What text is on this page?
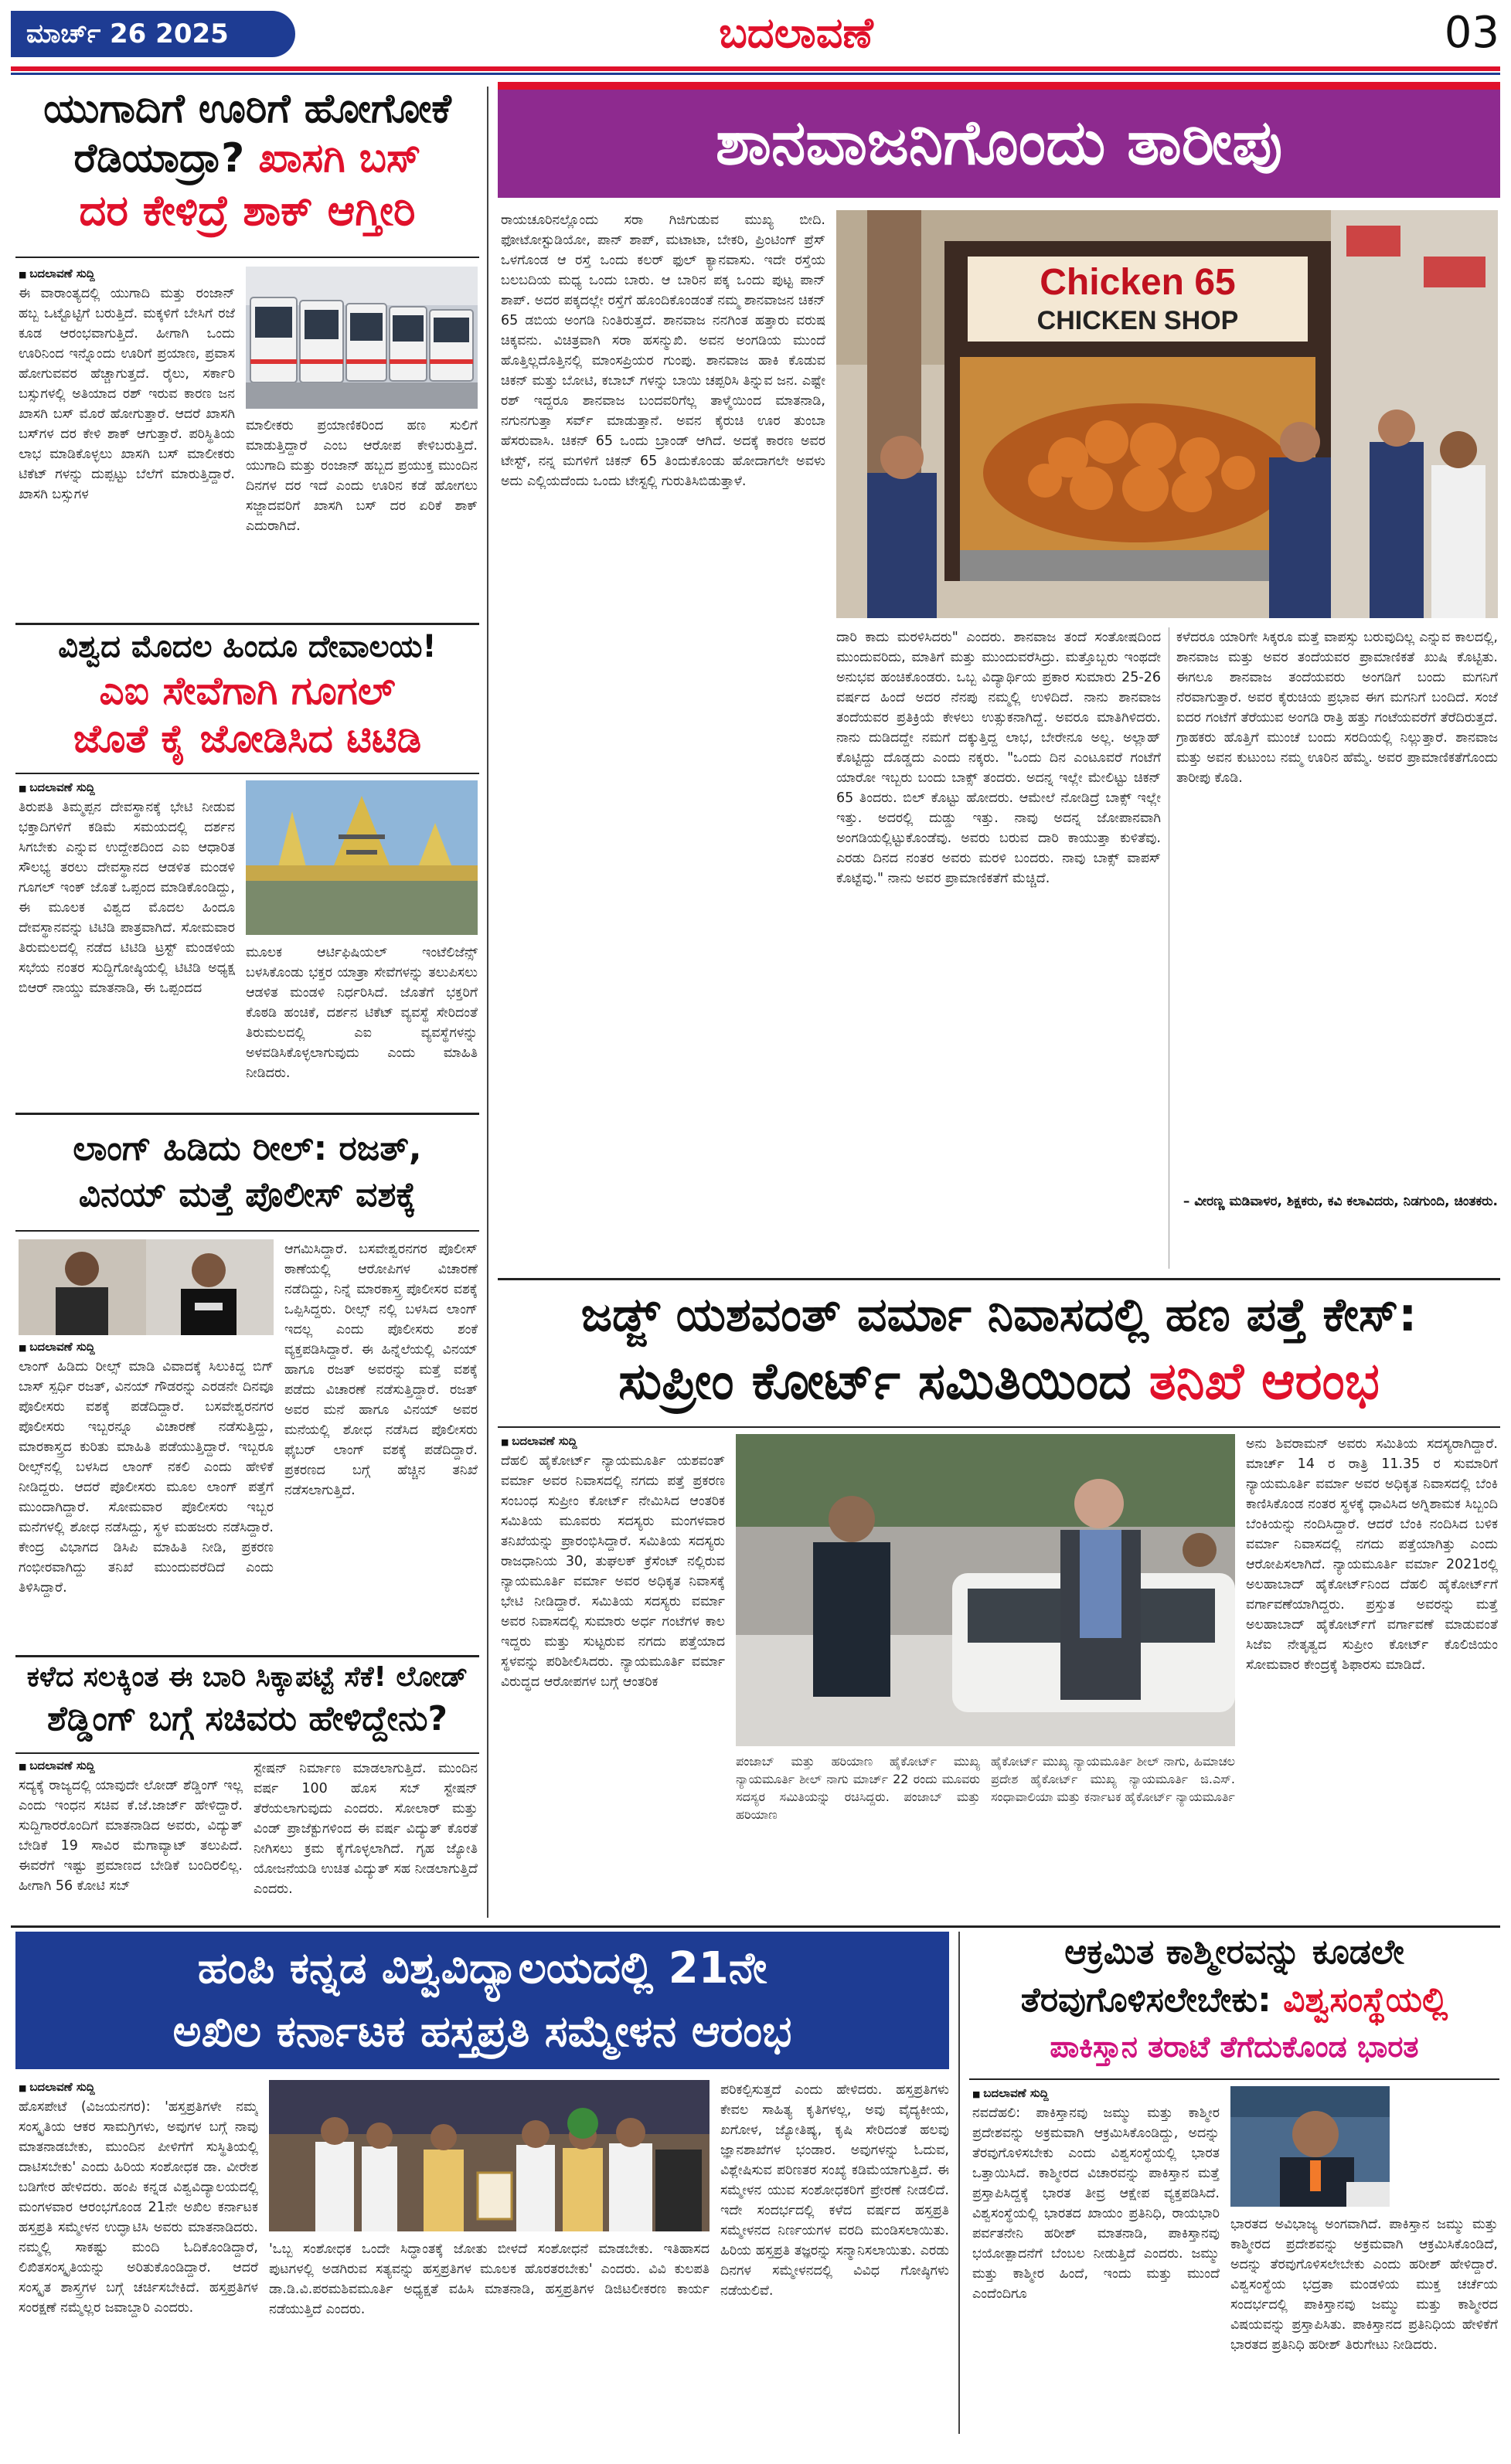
ಮಾರ್ಚ್ 26 2025	ಬದಲಾವಣೆ	03
ಯುಗಾದಿಗೆ ಊರಿಗೆ ಹೋಗೋಕೆ
ರೆಡಿಯಾದ್ರಾ? ಖಾಸಗಿ ಬಸ್
ದರ ಕೇಳಿದ್ರೆ ಶಾಕ್ ಆಗ್ತೀರಿ
■ ಬದಲಾವಣೆ ಸುದ್ದಿ
ಈ ವಾರಾಂತ್ಯದಲ್ಲಿ ಯುಗಾದಿ ಮತ್ತು ರಂಜಾನ್ ಹಬ್ಬ ಒಟ್ಟೊಟ್ಟಿಗೆ ಬರುತ್ತಿದೆ. ಮಕ್ಕಳಿಗೆ ಬೇಸಿಗೆ ರಜೆ ಕೂಡ ಆರಂಭವಾಗುತ್ತಿದೆ. ಹೀಗಾಗಿ ಒಂದು ಊರಿನಿಂದ ಇನ್ನೊಂದು ಊರಿಗೆ ಪ್ರಯಾಣ, ಪ್ರವಾಸ ಹೋಗುವವರ ಹೆಚ್ಚಾಗುತ್ತದೆ. ರೈಲು, ಸರ್ಕಾರಿ ಬಸ್ಸುಗಳಲ್ಲಿ ಅತಿಯಾದ ರಶ್ ಇರುವ ಕಾರಣ ಜನ ಖಾಸಗಿ ಬಸ್ ಮೊರೆ ಹೋಗುತ್ತಾರೆ. ಆದರೆ ಖಾಸಗಿ ಬಸ್‌ಗಳ ದರ ಕೇಳಿ ಶಾಕ್ ಆಗುತ್ತಾರೆ. ಪರಿಸ್ಥಿತಿಯ ಲಾಭ ಮಾಡಿಕೊಳ್ಳಲು ಖಾಸಗಿ ಬಸ್ ಮಾಲೀಕರು ಟಿಕೆಟ್ ಗಳನ್ನು ದುಪ್ಪಟ್ಟು ಬೆಲೆಗೆ ಮಾರುತ್ತಿದ್ದಾರೆ. ಖಾಸಗಿ ಬಸ್ಸುಗಳ
ಮಾಲೀಕರು ಪ್ರಯಾಣಿಕರಿಂದ ಹಣ ಸುಲಿಗೆ ಮಾಡುತ್ತಿದ್ದಾರೆ ಎಂಬ ಆರೋಪ ಕೇಳಿಬರುತ್ತಿದೆ. ಯುಗಾದಿ ಮತ್ತು ರಂಜಾನ್ ಹಬ್ಬದ ಪ್ರಯುಕ್ತ ಮುಂದಿನ ದಿನಗಳ ದರ ಇದೆ ಎಂದು ಊರಿನ ಕಡೆ ಹೋಗಲು ಸಜ್ಜಾದವರಿಗೆ ಖಾಸಗಿ ಬಸ್ ದರ ಏರಿಕೆ ಶಾಕ್ ಎದುರಾಗಿದೆ.
ವಿಶ್ವದ ಮೊದಲ ಹಿಂದೂ ದೇವಾಲಯ!
ಎಐ ಸೇವೆಗಾಗಿ ಗೂಗಲ್
ಜೊತೆ ಕೈ ಜೋಡಿಸಿದ ಟಿಟಿಡಿ
■ ಬದಲಾವಣೆ ಸುದ್ದಿ
ತಿರುಪತಿ ತಿಮ್ಮಪ್ಪನ ದೇವಸ್ಥಾನಕ್ಕೆ ಭೇಟಿ ನೀಡುವ ಭಕ್ತಾದಿಗಳಿಗೆ ಕಡಿಮೆ ಸಮಯದಲ್ಲಿ ದರ್ಶನ ಸಿಗಬೇಕು ಎನ್ನುವ ಉದ್ದೇಶದಿಂದ ಎಐ ಆಧಾರಿತ ಸೌಲಭ್ಯ ತರಲು ದೇವಸ್ಥಾನದ ಆಡಳಿತ ಮಂಡಳಿ ಗೂಗಲ್ ಇಂಕ್ ಜೊತೆ ಒಪ್ಪಂದ ಮಾಡಿಕೊಂಡಿದ್ದು, ಈ ಮೂಲಕ ವಿಶ್ವದ ಮೊದಲ ಹಿಂದೂ ದೇವಸ್ಥಾನವನ್ನು ಟಿಟಿಡಿ ಪಾತ್ರವಾಗಿದೆ. ಸೋಮವಾರ ತಿರುಮಲದಲ್ಲಿ ನಡೆದ ಟಿಟಿಡಿ ಟ್ರಸ್ಟ್ ಮಂಡಳಿಯ ಸಭೆಯ ನಂತರ ಸುದ್ದಿಗೋಷ್ಠಿಯಲ್ಲಿ ಟಿಟಿಡಿ ಅಧ್ಯಕ್ಷ ಬಿಆರ್ ನಾಯ್ಡು ಮಾತನಾಡಿ, ಈ ಒಪ್ಪಂದದ
ಮೂಲಕ ಆರ್ಟಿಫಿಷಿಯಲ್ ಇಂಟೆಲಿಜೆನ್ಸ್ ಬಳಸಿಕೊಂಡು ಭಕ್ತರ ಯಾತ್ರಾ ಸೇವೆಗಳನ್ನು ತಲುಪಿಸಲು ಆಡಳಿತ ಮಂಡಳಿ ನಿರ್ಧರಿಸಿದೆ. ಜೊತೆಗೆ ಭಕ್ತರಿಗೆ ಕೊಠಡಿ ಹಂಚಿಕೆ, ದರ್ಶನ ಟಿಕೆಟ್ ವ್ಯವಸ್ಥೆ ಸೇರಿದಂತೆ ತಿರುಮಲದಲ್ಲಿ ಎಐ ವ್ಯವಸ್ಥೆಗಳನ್ನು ಅಳವಡಿಸಿಕೊಳ್ಳಲಾಗುವುದು ಎಂದು ಮಾಹಿತಿ ನೀಡಿದರು.
ಲಾಂಗ್ ಹಿಡಿದು ರೀಲ್: ರಜತ್,
ವಿನಯ್ ಮತ್ತೆ ಪೊಲೀಸ್ ವಶಕ್ಕೆ
■ ಬದಲಾವಣೆ ಸುದ್ದಿ
ಲಾಂಗ್ ಹಿಡಿದು ರೀಲ್ಸ್ ಮಾಡಿ ವಿವಾದಕ್ಕೆ ಸಿಲುಕಿದ್ದ ಬಿಗ್ ಬಾಸ್ ಸ್ಪರ್ಧಿ ರಜತ್, ವಿನಯ್ ಗೌಡರನ್ನು ಎರಡನೇ ದಿನವೂ ಪೊಲೀಸರು ವಶಕ್ಕೆ ಪಡೆದಿದ್ದಾರೆ. ಬಸವೇಶ್ವರನಗರ ಪೊಲೀಸರು ಇಬ್ಬರನ್ನೂ ವಿಚಾರಣೆ ನಡೆಸುತ್ತಿದ್ದು, ಮಾರಕಾಸ್ತ್ರದ ಕುರಿತು ಮಾಹಿತಿ ಪಡೆಯುತ್ತಿದ್ದಾರೆ. ಇಬ್ಬರೂ ರೀಲ್ಸ್‌ನಲ್ಲಿ ಬಳಸಿದ ಲಾಂಗ್ ನಕಲಿ ಎಂದು ಹೇಳಿಕೆ ನೀಡಿದ್ದರು. ಆದರೆ ಪೊಲೀಸರು ಮೂಲ ಲಾಂಗ್ ಪತ್ತೆಗೆ ಮುಂದಾಗಿದ್ದಾರೆ. ಸೋಮವಾರ ಪೊಲೀಸರು ಇಬ್ಬರ ಮನೆಗಳಲ್ಲಿ ಶೋಧ ನಡೆಸಿದ್ದು, ಸ್ಥಳ ಮಹಜರು ನಡೆಸಿದ್ದಾರೆ. ಕೇಂದ್ರ ವಿಭಾಗದ ಡಿಸಿಪಿ ಮಾಹಿತಿ ನೀಡಿ, ಪ್ರಕರಣ ಗಂಭೀರವಾಗಿದ್ದು ತನಿಖೆ ಮುಂದುವರೆದಿದೆ ಎಂದು ತಿಳಿಸಿದ್ದಾರೆ.
ಆಗಮಿಸಿದ್ದಾರೆ. ಬಸವೇಶ್ವರನಗರ ಪೊಲೀಸ್ ಠಾಣೆಯಲ್ಲಿ ಆರೋಪಿಗಳ ವಿಚಾರಣೆ ನಡೆದಿದ್ದು, ನಿನ್ನೆ ಮಾರಕಾಸ್ತ್ರ ಪೊಲೀಸರ ವಶಕ್ಕೆ ಒಪ್ಪಿಸಿದ್ದರು. ರೀಲ್ಸ್ ನಲ್ಲಿ ಬಳಸಿದ ಲಾಂಗ್ ಇದಲ್ಲ ಎಂದು ಪೊಲೀಸರು ಶಂಕೆ ವ್ಯಕ್ತಪಡಿಸಿದ್ದಾರೆ. ಈ ಹಿನ್ನೆಲೆಯಲ್ಲಿ ವಿನಯ್ ಹಾಗೂ ರಜತ್ ಅವರನ್ನು ಮತ್ತೆ ವಶಕ್ಕೆ ಪಡೆದು ವಿಚಾರಣೆ ನಡೆಸುತ್ತಿದ್ದಾರೆ. ರಜತ್ ಅವರ ಮನೆ ಹಾಗೂ ವಿನಯ್ ಅವರ ಮನೆಯಲ್ಲಿ ಶೋಧ ನಡೆಸಿದ ಪೊಲೀಸರು ಫೈಬರ್ ಲಾಂಗ್ ವಶಕ್ಕೆ ಪಡೆದಿದ್ದಾರೆ. ಪ್ರಕರಣದ ಬಗ್ಗೆ ಹೆಚ್ಚಿನ ತನಿಖೆ ನಡೆಸಲಾಗುತ್ತಿದೆ.
ಕಳೆದ ಸಲಕ್ಕಿಂತ ಈ ಬಾರಿ ಸಿಕ್ಕಾಪಟ್ಟೆ ಸೆಕೆ! ಲೋಡ್
ಶೆಡ್ಡಿಂಗ್ ಬಗ್ಗೆ ಸಚಿವರು ಹೇಳಿದ್ದೇನು?
■ ಬದಲಾವಣೆ ಸುದ್ದಿ
ಸದ್ಯಕ್ಕೆ ರಾಜ್ಯದಲ್ಲಿ ಯಾವುದೇ ಲೋಡ್ ಶೆಡ್ಡಿಂಗ್ ಇಲ್ಲ ಎಂದು ಇಂಧನ ಸಚಿವ ಕೆ.ಜೆ.ಜಾರ್ಜ್ ಹೇಳಿದ್ದಾರೆ. ಸುದ್ದಿಗಾರರೊಂದಿಗೆ ಮಾತನಾಡಿದ ಅವರು, ವಿದ್ಯುತ್ ಬೇಡಿಕೆ 19 ಸಾವಿರ ಮೆಗಾವ್ಯಾಟ್ ತಲುಪಿದೆ. ಈವರೆಗೆ ಇಷ್ಟು ಪ್ರಮಾಣದ ಬೇಡಿಕೆ ಬಂದಿರಲಿಲ್ಲ. ಹೀಗಾಗಿ 56 ಕೋಟಿ ಸಬ್
ಸ್ಟೇಷನ್ ನಿರ್ಮಾಣ ಮಾಡಲಾಗುತ್ತಿದೆ. ಮುಂದಿನ ವರ್ಷ 100 ಹೊಸ ಸಬ್ ಸ್ಟೇಷನ್ ತೆರೆಯಲಾಗುವುದು ಎಂದರು. ಸೋಲಾರ್ ಮತ್ತು ವಿಂಡ್ ಪ್ರಾಜೆಕ್ಟುಗಳಿಂದ ಈ ವರ್ಷ ವಿದ್ಯುತ್ ಕೊರತೆ ನೀಗಿಸಲು ಕ್ರಮ ಕೈಗೊಳ್ಳಲಾಗಿದೆ. ಗೃಹ ಜ್ಯೋತಿ ಯೋಜನೆಯಡಿ ಉಚಿತ ವಿದ್ಯುತ್ ಸಹ ನೀಡಲಾಗುತ್ತಿದೆ ಎಂದರು.
ಶಾನವಾಜನಿಗೊಂದು ತಾರೀಪು
ರಾಯಚೂರಿನಲ್ಲೊಂದು ಸರಾ ಗಿಜಿಗುಡುವ ಮುಖ್ಯ ಬೀದಿ. ಫೋಟೋಸ್ಟುಡಿಯೋ, ಪಾನ್ ಶಾಪ್, ಮಟಾಟಾ, ಬೇಕರಿ, ಪ್ರಿಂಟಿಂಗ್ ಪ್ರೆಸ್ ಒಳಗೊಂಡ ಆ ರಸ್ತೆ ಒಂದು ಕಲರ್ ಫುಲ್ ಕ್ಯಾನವಾಸು. ಇದೇ ರಸ್ತೆಯ ಬಲಬದಿಯ ಮಧ್ಯ ಒಂದು ಬಾರು. ಆ ಬಾರಿನ ಪಕ್ಕ ಒಂದು ಪುಟ್ಟ ಪಾನ್ ಶಾಪ್. ಅದರ ಪಕ್ಕದಲ್ಲೇ ರಸ್ತೆಗೆ ಹೊಂದಿಕೊಂಡಂತೆ ನಮ್ಮ ಶಾನವಾಜನ ಚಿಕನ್ 65 ಡಬಿಯ ಅಂಗಡಿ ನಿಂತಿರುತ್ತದೆ. ಶಾನವಾಜ ನನಗಿಂತ ಹತ್ತಾರು ವರುಷ ಚಿಕ್ಕವನು. ವಿಚಿತ್ರವಾಗಿ ಸರಾ ಹಸನ್ಮುಖಿ. ಅವನ ಅಂಗಡಿಯ ಮುಂದೆ ಹೊತ್ತಿಲ್ಲದೊತ್ತಿನಲ್ಲಿ ಮಾಂಸಪ್ರಿಯರ ಗುಂಪು. ಶಾನವಾಜ ಹಾಕಿ ಕೊಡುವ ಚಿಕನ್ ಮತ್ತು ಬೋಟಿ, ಕಬಾಬ್ ಗಳನ್ನು ಬಾಯಿ ಚಪ್ಪರಿಸಿ ತಿನ್ನುವ ಜನ. ಎಷ್ಟೇ ರಶ್ ಇದ್ದರೂ ಶಾನವಾಜ ಬಂದವರಿಗೆಲ್ಲ ತಾಳ್ಮೆಯಿಂದ ಮಾತನಾಡಿ, ನಗುನಗುತ್ತಾ ಸರ್ವ್ ಮಾಡುತ್ತಾನೆ. ಅವನ ಕೈರುಚಿ ಊರ ತುಂಬಾ ಹೆಸರುವಾಸಿ. ಚಿಕನ್ 65 ಒಂದು ಬ್ರಾಂಡ್ ಆಗಿದೆ. ಅದಕ್ಕೆ ಕಾರಣ ಅವರ ಟೇಸ್ಟ್, ನನ್ನ ಮಗಳಿಗೆ ಚಿಕನ್ 65 ತಿಂದುಕೊಂಡು ಹೋದಾಗಲೇ ಅವಳು ಅದು ಎಲ್ಲಿಯದೆಂದು ಒಂದು ಟೇಸ್ಟಲ್ಲಿ ಗುರುತಿಸಿಬಿಡುತ್ತಾಳೆ.
Chicken 65
CHICKEN SHOP
ದಾರಿ ಕಾದು ಮರಳಿಸಿದರು" ಎಂದರು. ಶಾನವಾಜ ತಂದೆ ಸಂತೋಷದಿಂದ ಮುಂದುವರಿದು, ಮಾತಿಗೆ ಮತ್ತು ಮುಂದುವರೆಸಿದ್ರು. ಮತ್ತೊಬ್ಬರು ಇಂಥದೇ ಅನುಭವ ಹಂಚಿಕೊಂಡರು. ಒಬ್ಬ ವಿದ್ಯಾರ್ಥಿಯ ಪ್ರಕಾರ ಸುಮಾರು 25-26 ವರ್ಷದ ಹಿಂದೆ ಅದರ ನೆನಪು ನಮ್ಮಲ್ಲಿ ಉಳಿದಿದೆ. ನಾನು ಶಾನವಾಜ ತಂದೆಯವರ ಪ್ರತಿಕ್ರಿಯೆ ಕೇಳಲು ಉತ್ಸುಕನಾಗಿದ್ದೆ. ಅವರೂ ಮಾತಿಗಿಳಿದರು. ನಾನು ದುಡಿದದ್ದೇ ನಮಗೆ ದಕ್ಕುತ್ತಿದ್ದ ಲಾಭ, ಬೇರೇನೂ ಅಲ್ಲ. ಅಲ್ಲಾಹ್ ಕೊಟ್ಟಿದ್ದು ದೊಡ್ಡದು ಎಂದು ನಕ್ಕರು. "ಒಂದು ದಿನ ಎಂಟೂವರೆ ಗಂಟೆಗೆ ಯಾರೋ ಇಬ್ಬರು ಬಂದು ಬಾಕ್ಸ್ ತಂದರು. ಅದನ್ನ ಇಲ್ಲೇ ಮೇಲಿಟ್ಟು ಚಿಕನ್ 65 ತಿಂದರು. ಬಿಲ್ ಕೊಟ್ಟು ಹೋದರು. ಆಮೇಲೆ ನೋಡಿದ್ರೆ ಬಾಕ್ಸ್ ಇಲ್ಲೇ ಇತ್ತು. ಅದರಲ್ಲಿ ದುಡ್ಡು ಇತ್ತು. ನಾವು ಅದನ್ನ ಜೋಪಾನವಾಗಿ ಅಂಗಡಿಯಲ್ಲಿಟ್ಟುಕೊಂಡೆವು. ಅವರು ಬರುವ ದಾರಿ ಕಾಯುತ್ತಾ ಕುಳಿತೆವು. ಎರಡು ದಿನದ ನಂತರ ಅವರು ಮರಳಿ ಬಂದರು. ನಾವು ಬಾಕ್ಸ್ ವಾಪಸ್ ಕೊಟ್ಟೆವು." ನಾನು ಅವರ ಪ್ರಾಮಾಣಿಕತೆಗೆ ಮೆಚ್ಚಿದೆ.
ಕಳೆದರೂ ಯಾರಿಗೇ ಸಿಕ್ಕರೂ ಮತ್ತೆ ವಾಪಸ್ಸು ಬರುವುದಿಲ್ಲ ಎನ್ನುವ ಕಾಲದಲ್ಲಿ, ಶಾನವಾಜ ಮತ್ತು ಅವರ ತಂದೆಯವರ ಪ್ರಾಮಾಣಿಕತೆ ಖುಷಿ ಕೊಟ್ಟಿತು. ಈಗಲೂ ಶಾನವಾಜ ತಂದೆಯವರು ಅಂಗಡಿಗೆ ಬಂದು ಮಗನಿಗೆ ನೆರವಾಗುತ್ತಾರೆ. ಅವರ ಕೈರುಚಿಯ ಪ್ರಭಾವ ಈಗ ಮಗನಿಗೆ ಬಂದಿದೆ. ಸಂಜೆ ಐದರ ಗಂಟೆಗೆ ತೆರೆಯುವ ಅಂಗಡಿ ರಾತ್ರಿ ಹತ್ತು ಗಂಟೆಯವರೆಗೆ ತೆರೆದಿರುತ್ತದೆ. ಗ್ರಾಹಕರು ಹೊತ್ತಿಗೆ ಮುಂಚೆ ಬಂದು ಸರದಿಯಲ್ಲಿ ನಿಲ್ಲುತ್ತಾರೆ. ಶಾನವಾಜ ಮತ್ತು ಅವನ ಕುಟುಂಬ ನಮ್ಮ ಊರಿನ ಹೆಮ್ಮೆ. ಅವರ ಪ್ರಾಮಾಣಿಕತೆಗೊಂದು ತಾರೀಪು ಕೊಡಿ.
– ವೀರಣ್ಣ ಮಡಿವಾಳರ, ಶಿಕ್ಷಕರು, ಕವಿ ಕಲಾವಿದರು, ನಿಡಗುಂದಿ, ಚಿಂತಕರು.
ಜಡ್ಜ್ ಯಶವಂತ್ ವರ್ಮಾ ನಿವಾಸದಲ್ಲಿ ಹಣ ಪತ್ತೆ ಕೇಸ್:
ಸುಪ್ರೀಂ ಕೋರ್ಟ್ ಸಮಿತಿಯಿಂದ ತನಿಖೆ ಆರಂಭ
■ ಬದಲಾವಣೆ ಸುದ್ದಿ
ದೆಹಲಿ ಹೈಕೋರ್ಟ್ ನ್ಯಾಯಮೂರ್ತಿ ಯಶವಂತ್ ವರ್ಮಾ ಅವರ ನಿವಾಸದಲ್ಲಿ ನಗದು ಪತ್ತೆ ಪ್ರಕರಣ ಸಂಬಂಧ ಸುಪ್ರೀಂ ಕೋರ್ಟ್ ನೇಮಿಸಿದ ಆಂತರಿಕ ಸಮಿತಿಯ ಮೂವರು ಸದಸ್ಯರು ಮಂಗಳವಾರ ತನಿಖೆಯನ್ನು ಪ್ರಾರಂಭಿಸಿದ್ದಾರೆ. ಸಮಿತಿಯ ಸದಸ್ಯರು ರಾಜಧಾನಿಯ 30, ತುಘಲಕ್ ಕ್ರೆಸೆಂಟ್ ನಲ್ಲಿರುವ ನ್ಯಾಯಮೂರ್ತಿ ವರ್ಮಾ ಅವರ ಅಧಿಕೃತ ನಿವಾಸಕ್ಕೆ ಭೇಟಿ ನೀಡಿದ್ದಾರೆ. ಸಮಿತಿಯ ಸದಸ್ಯರು ವರ್ಮಾ ಅವರ ನಿವಾಸದಲ್ಲಿ ಸುಮಾರು ಅರ್ಧ ಗಂಟೆಗಳ ಕಾಲ ಇದ್ದರು ಮತ್ತು ಸುಟ್ಟರುವ ನಗದು ಪತ್ತೆಯಾದ ಸ್ಥಳವನ್ನು ಪರಿಶೀಲಿಸಿದರು. ನ್ಯಾಯಮೂರ್ತಿ ವರ್ಮಾ ವಿರುದ್ಧದ ಆರೋಪಗಳ ಬಗ್ಗೆ ಆಂತರಿಕ
ಪಂಜಾಬ್ ಮತ್ತು ಹರಿಯಾಣ ಹೈಕೋರ್ಟ್ ಮುಖ್ಯ ನ್ಯಾಯಮೂರ್ತಿ ಶೀಲ್ ನಾಗು ಮಾರ್ಚ್ 22 ರಂದು ಮೂವರು ಸದಸ್ಯರ ಸಮಿತಿಯನ್ನು ರಚಿಸಿದ್ದರು. ಪಂಜಾಬ್ ಮತ್ತು ಹರಿಯಾಣ
ಹೈಕೋರ್ಟ್ ಮುಖ್ಯ ನ್ಯಾಯಮೂರ್ತಿ ಶೀಲ್ ನಾಗು, ಹಿಮಾಚಲ ಪ್ರದೇಶ ಹೈಕೋರ್ಟ್ ಮುಖ್ಯ ನ್ಯಾಯಮೂರ್ತಿ ಜಿ.ಎಸ್. ಸಂಧಾವಾಲಿಯಾ ಮತ್ತು ಕರ್ನಾಟಕ ಹೈಕೋರ್ಟ್ ನ್ಯಾಯಮೂರ್ತಿ
ಅನು ಶಿವರಾಮನ್ ಅವರು ಸಮಿತಿಯ ಸದಸ್ಯರಾಗಿದ್ದಾರೆ. ಮಾರ್ಚ್ 14 ರ ರಾತ್ರಿ 11.35 ರ ಸುಮಾರಿಗೆ ನ್ಯಾಯಮೂರ್ತಿ ವರ್ಮಾ ಅವರ ಅಧಿಕೃತ ನಿವಾಸದಲ್ಲಿ ಬೆಂಕಿ ಕಾಣಿಸಿಕೊಂಡ ನಂತರ ಸ್ಥಳಕ್ಕೆ ಧಾವಿಸಿದ ಅಗ್ನಿಶಾಮಕ ಸಿಬ್ಬಂದಿ ಬೆಂಕಿಯನ್ನು ನಂದಿಸಿದ್ದಾರೆ. ಆದರೆ ಬೆಂಕಿ ನಂದಿಸಿದ ಬಳಿಕ ವರ್ಮಾ ನಿವಾಸದಲ್ಲಿ ನಗದು ಪತ್ತೆಯಾಗಿತ್ತು ಎಂದು ಆರೋಪಿಸಲಾಗಿದೆ. ನ್ಯಾಯಮೂರ್ತಿ ವರ್ಮಾ 2021ರಲ್ಲಿ ಅಲಹಾಬಾದ್ ಹೈಕೋರ್ಟ್‌ನಿಂದ ದೆಹಲಿ ಹೈಕೋರ್ಟ್‌ಗೆ ವರ್ಗಾವಣೆಯಾಗಿದ್ದರು. ಪ್ರಸ್ತುತ ಅವರನ್ನು ಮತ್ತೆ ಅಲಹಾಬಾದ್ ಹೈಕೋರ್ಟ್‌ಗೆ ವರ್ಗಾವಣೆ ಮಾಡುವಂತೆ ಸಿಜೆಐ ನೇತೃತ್ವದ ಸುಪ್ರೀಂ ಕೋರ್ಟ್ ಕೊಲಿಜಿಯಂ ಸೋಮವಾರ ಕೇಂದ್ರಕ್ಕೆ ಶಿಫಾರಸು ಮಾಡಿದೆ.
ಹಂಪಿ ಕನ್ನಡ ವಿಶ್ವವಿದ್ಯಾಲಯದಲ್ಲಿ 21ನೇ
ಅಖಿಲ ಕರ್ನಾಟಕ ಹಸ್ತಪ್ರತಿ ಸಮ್ಮೇಳನ ಆರಂಭ
■ ಬದಲಾವಣೆ ಸುದ್ದಿ
ಹೊಸಪೇಟೆ (ವಿಜಯನಗರ): 'ಹಸ್ತಪ್ರತಿಗಳೇ ನಮ್ಮ ಸಂಸ್ಕೃತಿಯ ಆಕರ ಸಾಮಗ್ರಿಗಳು, ಅವುಗಳ ಬಗ್ಗೆ ನಾವು ಮಾತನಾಡಬೇಕು, ಮುಂದಿನ ಪೀಳಿಗೆಗೆ ಸುಸ್ಥಿತಿಯಲ್ಲಿ ದಾಟಿಸಬೇಕು' ಎಂದು ಹಿರಿಯ ಸಂಶೋಧಕ ಡಾ. ವೀರೇಶ ಬಡಿಗೇರ ಹೇಳಿದರು. ಹಂಪಿ ಕನ್ನಡ ವಿಶ್ವವಿದ್ಯಾಲಯದಲ್ಲಿ ಮಂಗಳವಾರ ಆರಂಭಗೊಂಡ 21ನೇ ಅಖಿಲ ಕರ್ನಾಟಕ ಹಸ್ತಪ್ರತಿ ಸಮ್ಮೇಳನ ಉದ್ಘಾಟಿಸಿ ಅವರು ಮಾತನಾಡಿದರು. ನಮ್ಮಲ್ಲಿ ಸಾಕಷ್ಟು ಮಂದಿ ಓದಿಕೊಂಡಿದ್ದಾರೆ, ಲಿಖಿತಸಂಸ್ಕೃತಿಯನ್ನು ಅರಿತುಕೊಂಡಿದ್ದಾರೆ. ಆದರೆ ಸಂಸ್ಕೃತ ಶಾಸ್ತ್ರಗಳ ಬಗ್ಗೆ ಚರ್ಚಿಸಬೇಕಿದೆ. ಹಸ್ತಪ್ರತಿಗಳ ಸಂರಕ್ಷಣೆ ನಮ್ಮೆಲ್ಲರ ಜವಾಬ್ದಾರಿ ಎಂದರು.
'ಒಬ್ಬ ಸಂಶೋಧಕ ಒಂದೇ ಸಿದ್ಧಾಂತಕ್ಕೆ ಜೋತು ಬೀಳದೆ ಸಂಶೋಧನೆ ಮಾಡಬೇಕು. ಇತಿಹಾಸದ ಪುಟಗಳಲ್ಲಿ ಅಡಗಿರುವ ಸತ್ಯವನ್ನು ಹಸ್ತಪ್ರತಿಗಳ ಮೂಲಕ ಹೊರತರಬೇಕು' ಎಂದರು. ವಿವಿ ಕುಲಪತಿ ಡಾ.ಡಿ.ವಿ.ಪರಮಶಿವಮೂರ್ತಿ ಅಧ್ಯಕ್ಷತೆ ವಹಿಸಿ ಮಾತನಾಡಿ, ಹಸ್ತಪ್ರತಿಗಳ ಡಿಜಿಟಲೀಕರಣ ಕಾರ್ಯ ನಡೆಯುತ್ತಿದೆ ಎಂದರು.
ಪರಿಕಲ್ಪಿಸುತ್ತದೆ ಎಂದು ಹೇಳಿದರು. ಹಸ್ತಪ್ರತಿಗಳು ಕೇವಲ ಸಾಹಿತ್ಯ ಕೃತಿಗಳಲ್ಲ, ಅವು ವೈದ್ಯಕೀಯ, ಖಗೋಳ, ಜ್ಯೋತಿಷ್ಯ, ಕೃಷಿ ಸೇರಿದಂತೆ ಹಲವು ಜ್ಞಾನಶಾಖೆಗಳ ಭಂಡಾರ. ಅವುಗಳನ್ನು ಓದುವ, ವಿಶ್ಲೇಷಿಸುವ ಪರಿಣತರ ಸಂಖ್ಯೆ ಕಡಿಮೆಯಾಗುತ್ತಿದೆ. ಈ ಸಮ್ಮೇಳನ ಯುವ ಸಂಶೋಧಕರಿಗೆ ಪ್ರೇರಣೆ ನೀಡಲಿದೆ. ಇದೇ ಸಂದರ್ಭದಲ್ಲಿ ಕಳೆದ ವರ್ಷದ ಹಸ್ತಪ್ರತಿ ಸಮ್ಮೇಳನದ ನಿರ್ಣಯಗಳ ವರದಿ ಮಂಡಿಸಲಾಯಿತು. ಹಿರಿಯ ಹಸ್ತಪ್ರತಿ ತಜ್ಞರನ್ನು ಸನ್ಮಾನಿಸಲಾಯಿತು. ಎರಡು ದಿನಗಳ ಸಮ್ಮೇಳನದಲ್ಲಿ ವಿವಿಧ ಗೋಷ್ಠಿಗಳು ನಡೆಯಲಿವೆ.
ಆಕ್ರಮಿತ ಕಾಶ್ಮೀರವನ್ನು ಕೂಡಲೇ
ತೆರವುಗೊಳಿಸಲೇಬೇಕು: ವಿಶ್ವಸಂಸ್ಥೆಯಲ್ಲಿ
ಪಾಕಿಸ್ತಾನ ತರಾಟೆ ತೆಗೆದುಕೊಂಡ ಭಾರತ
■ ಬದಲಾವಣೆ ಸುದ್ದಿ
ನವದೆಹಲಿ: ಪಾಕಿಸ್ತಾನವು ಜಮ್ಮು ಮತ್ತು ಕಾಶ್ಮೀರ ಪ್ರದೇಶವನ್ನು ಅಕ್ರಮವಾಗಿ ಆಕ್ರಮಿಸಿಕೊಂಡಿದ್ದು, ಅದನ್ನು ತೆರವುಗೊಳಿಸಬೇಕು ಎಂದು ವಿಶ್ವಸಂಸ್ಥೆಯಲ್ಲಿ ಭಾರತ ಒತ್ತಾಯಿಸಿದೆ. ಕಾಶ್ಮೀರದ ವಿಚಾರವನ್ನು ಪಾಕಿಸ್ತಾನ ಮತ್ತೆ ಪ್ರಸ್ತಾಪಿಸಿದ್ದಕ್ಕೆ ಭಾರತ ತೀವ್ರ ಆಕ್ಷೇಪ ವ್ಯಕ್ತಪಡಿಸಿದೆ. ವಿಶ್ವಸಂಸ್ಥೆಯಲ್ಲಿ ಭಾರತದ ಖಾಯಂ ಪ್ರತಿನಿಧಿ, ರಾಯಭಾರಿ ಪರ್ವತನೇನಿ ಹರೀಶ್ ಮಾತನಾಡಿ, ಪಾಕಿಸ್ತಾನವು ಭಯೋತ್ಪಾದನೆಗೆ ಬೆಂಬಲ ನೀಡುತ್ತಿದೆ ಎಂದರು. ಜಮ್ಮು ಮತ್ತು ಕಾಶ್ಮೀರ ಹಿಂದೆ, ಇಂದು ಮತ್ತು ಮುಂದೆ ಎಂದೆಂದಿಗೂ
ಭಾರತದ ಅವಿಭಾಜ್ಯ ಅಂಗವಾಗಿದೆ. ಪಾಕಿಸ್ತಾನ ಜಮ್ಮು ಮತ್ತು ಕಾಶ್ಮೀರದ ಪ್ರದೇಶವನ್ನು ಅಕ್ರಮವಾಗಿ ಆಕ್ರಮಿಸಿಕೊಂಡಿದೆ, ಅದನ್ನು ತೆರವುಗೊಳಿಸಲೇಬೇಕು ಎಂದು ಹರೀಶ್ ಹೇಳಿದ್ದಾರೆ. ವಿಶ್ವಸಂಸ್ಥೆಯ ಭದ್ರತಾ ಮಂಡಳಿಯ ಮುಕ್ತ ಚರ್ಚೆಯ ಸಂದರ್ಭದಲ್ಲಿ ಪಾಕಿಸ್ತಾನವು ಜಮ್ಮು ಮತ್ತು ಕಾಶ್ಮೀರದ ವಿಷಯವನ್ನು ಪ್ರಸ್ತಾಪಿಸಿತು. ಪಾಕಿಸ್ತಾನದ ಪ್ರತಿನಿಧಿಯ ಹೇಳಿಕೆಗೆ ಭಾರತದ ಪ್ರತಿನಿಧಿ ಹರೀಶ್ ತಿರುಗೇಟು ನೀಡಿದರು.
